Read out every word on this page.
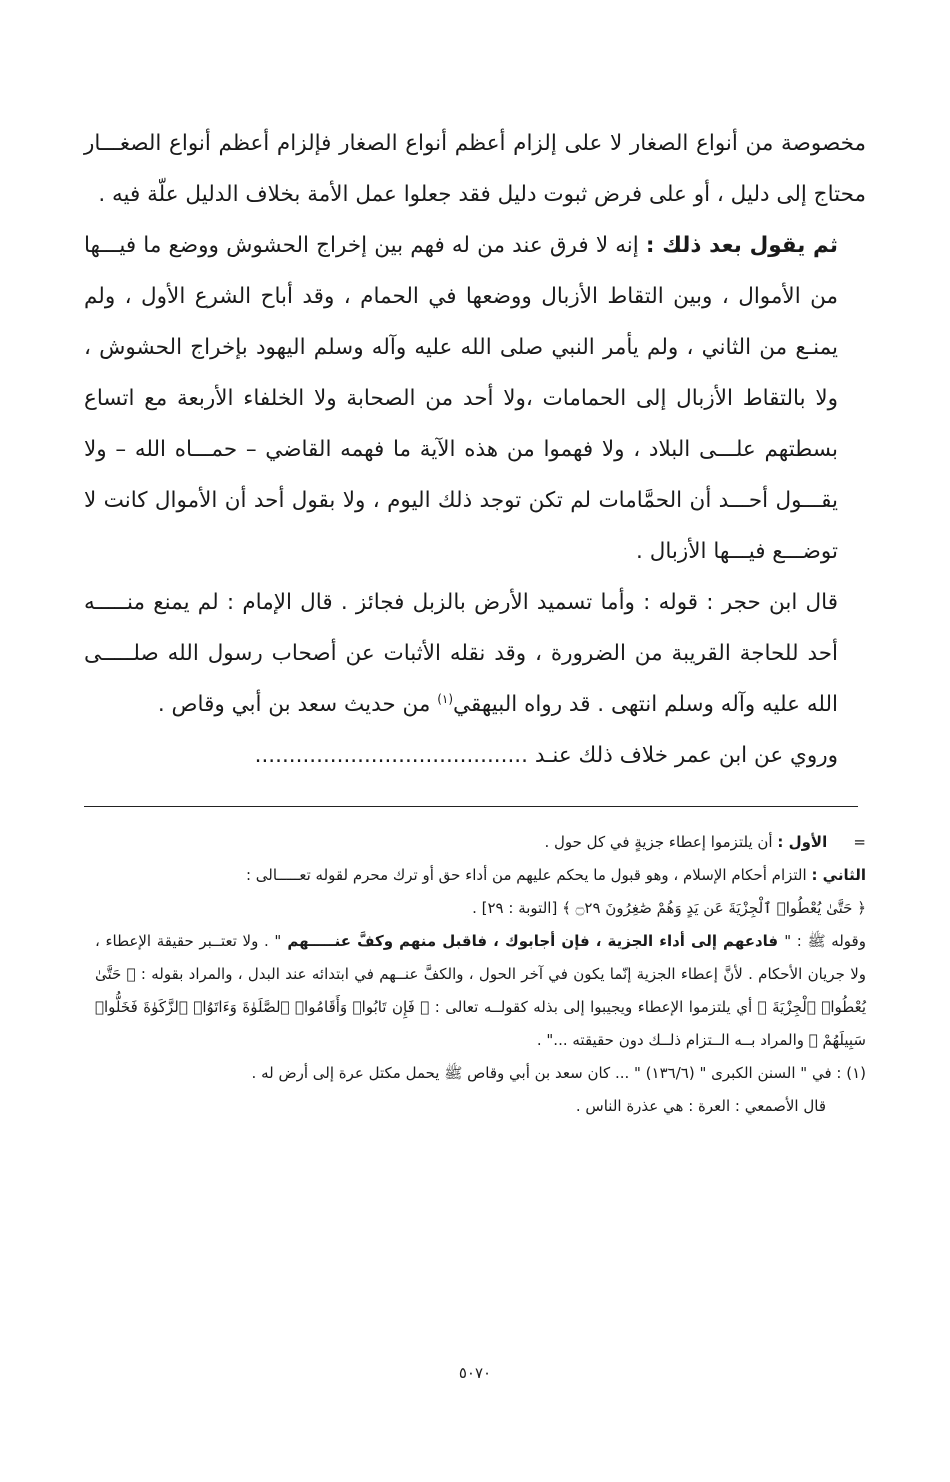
مخصوصة من أنواع الصغار لا على إلزام أعظم أنواع الصغار فإلزام أعظم أنواع الصغـــار محتاج إلى دليل ، أو على فرض ثبوت دليل فقد جعلوا عمل الأمة بخلاف الدليل علّة فيه .

ثم يقول بعد ذلك : إنه لا فرق عند من له فهم بين إخراج الحشوش ووضع ما فيـــها من الأموال ، وبين التقاط الأزبال ووضعها في الحمام ، وقد أباح الشرع الأول ، ولم يمنـع من الثاني ، ولم يأمر النبي صلى الله عليه وآله وسلم اليهود بإخراج الحشوش ، ولا بالتقاط الأزبال إلى الحمامات ،ولا أحد من الصحابة ولا الخلفاء الأربعة مع اتساع بسطتهم علـــى البلاد ، ولا فهموا من هذه الآية ما فهمه القاضي – حمـــاه الله – ولا يقـــول أحـــد أن الحمَّامات لم تكن توجد ذلك اليوم ، ولا بقول أحد أن الأموال كانت لا توضـــع فيـــها الأزبال .

قال ابن حجر : قوله : وأما تسميد الأرض بالزبل فجائز . قال الإمام : لم يمنع منـــــه أحد للحاجة القريبة من الضرورة ، وقد نقله الأثبات عن أصحاب رسول الله صلـــــى الله عليه وآله وسلم انتهى . قد رواه البيهقي$^{(١)}$ من حديث سعد بن أبي وقاص .

وروي عن ابن عمر خلاف ذلك عنـد ........................................

= الأول : أن يلتزموا إعطاء جزيةٍ في كل حول .

الثاني : التزام أحكام الإسلام ، وهو قبول ما يحكم عليهم من أداء حق أو ترك محرم لقوله تعـــــالى :

﴿ حَتَّىٰ يُعْطُوا۟ ٱلْجِزْيَةَ عَن يَدٍ وَهُمْ صَٰغِرُونَ ۝٢٩ ﴾ [التوبة : ٢٩] .

وقوله ﷺ : " فادعهم إلى أداء الجزية ، فإن أجابوك ، فاقبل منهم وكفَّ عنـــــهم " . ولا تعتــبر حقيقة الإعطاء ، ولا جريان الأحكام . لأنَّ إعطاء الجزية إنّما يكون في آخر الحول ، والكفَّ عنــهم في ابتدائه عند البدل ، والمراد بقوله : ﴿ حَتَّىٰ يُعْطُوا۟ ٱلْجِزْيَةَ ﴾ أي يلتزموا الإعطاء ويجيبوا إلى بذله كقولــه تعالى : ﴿ فَإِن تَابُوا۟ وَأَقَامُوا۟ ٱلصَّلَوٰةَ وَءَاتَوُا۟ ٱلزَّكَوٰةَ فَخَلُّوا۟ سَبِيلَهُمْ ﴾ والمراد بــه الــتزام ذلــك دون حقيقته ..." .

(١) : في " السنن الكبرى " (١٣٦/٦) " ... كان سعد بن أبي وقاص ﷺ يحمل مكتل عرة إلى أرض له .

قال الأصمعي : العرة : هي عذرة الناس .

٥٠٧٠
